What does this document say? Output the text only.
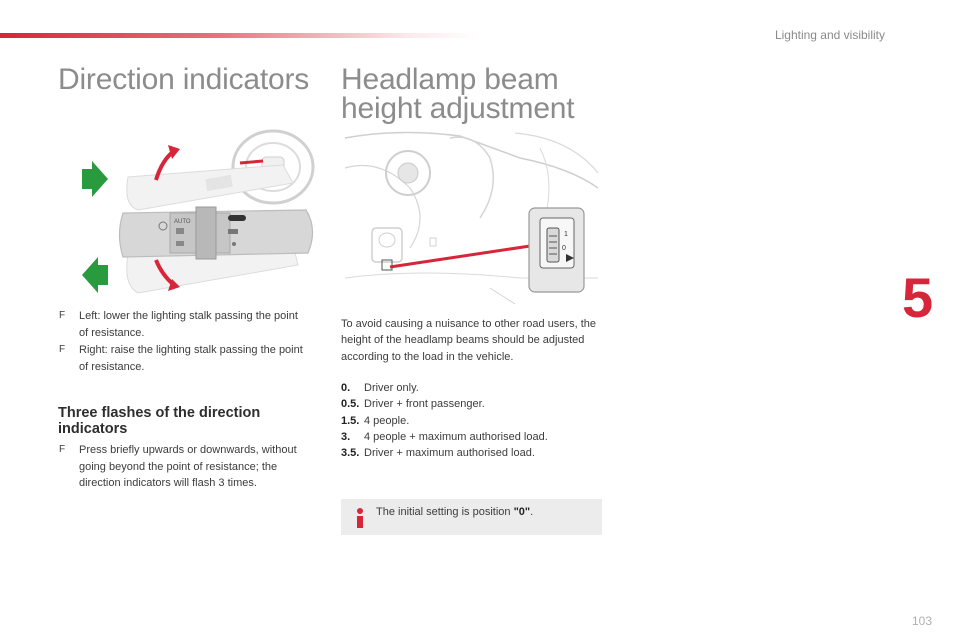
Lighting and visibility
5
Direction indicators
AUTO
F Left: lower the lighting stalk passing the point of resistance.
F Right: raise the lighting stalk passing the point of resistance.
Three flashes of the direction indicators
F Press briefly upwards or downwards, without going beyond the point of resistance; the direction indicators will flash 3 times.
Headlamp beam
height adjustment
1
0
To avoid causing a nuisance to other road users, the height of the headlamp beams should be adjusted according to the load in the vehicle.
0. Driver only.
0.5. Driver + front passenger.
1.5. 4 people.
3. 4 people + maximum authorised load.
3.5. Driver + maximum authorised load.
The initial setting is position "0".
103
